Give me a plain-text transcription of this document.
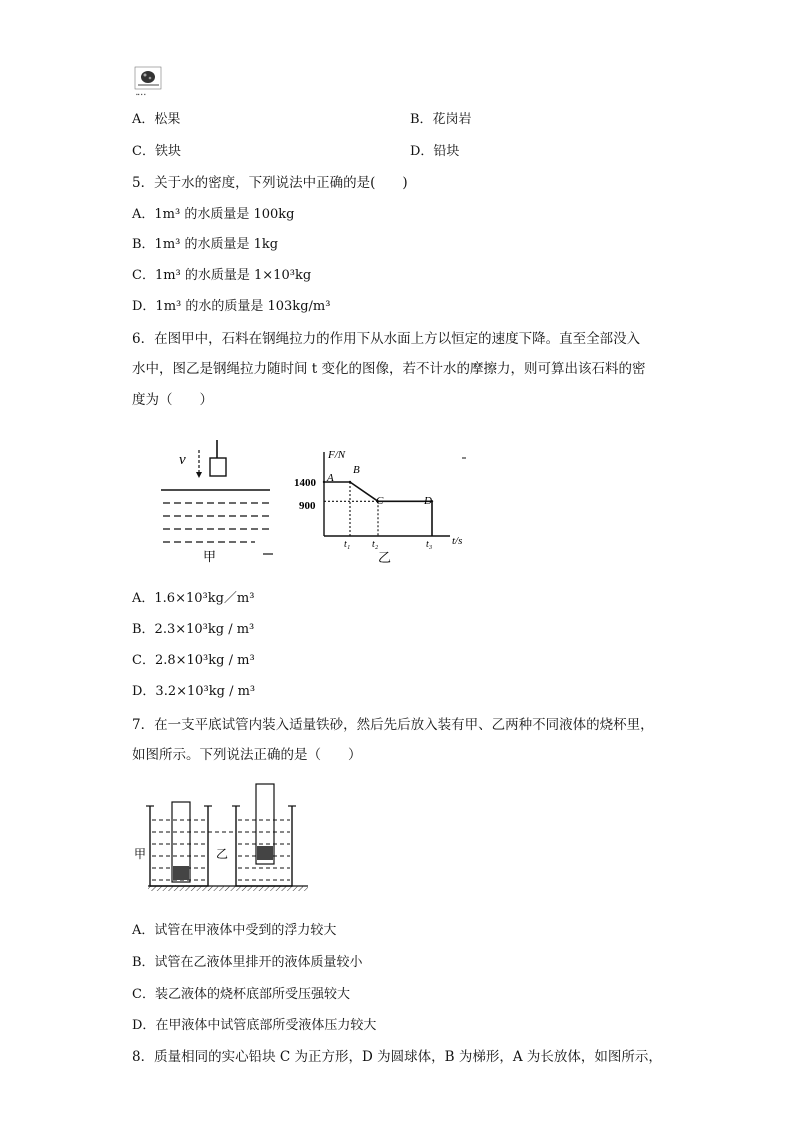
▪▪ ▪ ▪
A．松果	B．花岗岩
C．铁块	D．铅块
5．关于水的密度，下列说法中正确的是(　　)
A．1m³ 的水质量是 100kg
B．1m³ 的水质量是 1kg
C．1m³ 的水质量是 1×10³kg
D．1m³ 的水的质量是 103kg/m³
6．在图甲中，石料在钢绳拉力的作用下从水面上方以恒定的速度下降。直至全部没入
水中，图乙是钢绳拉力随时间 t 变化的图像，若不计水的摩擦力，则可算出该石料的密
度为（　　）
v
甲
F/N
t/s
1400
900
A
B
C	D
t₁ t₂	t₃
乙
A．1.6×10³kg／m³
B．2.3×10³kg / m³
C．2.8×10³kg / m³
D．3.2×10³kg / m³
7．在一支平底试管内装入适量铁砂，然后先后放入装有甲、乙两种不同液体的烧杯里，
如图所示。下列说法正确的是（　　）
甲	乙
A．试管在甲液体中受到的浮力较大
B．试管在乙液体里排开的液体质量较小
C．装乙液体的烧杯底部所受压强较大
D．在甲液体中试管底部所受液体压力较大
8．质量相同的实心铅块 C 为正方形，D 为圆球体，B 为梯形，A 为长放体，如图所示，
